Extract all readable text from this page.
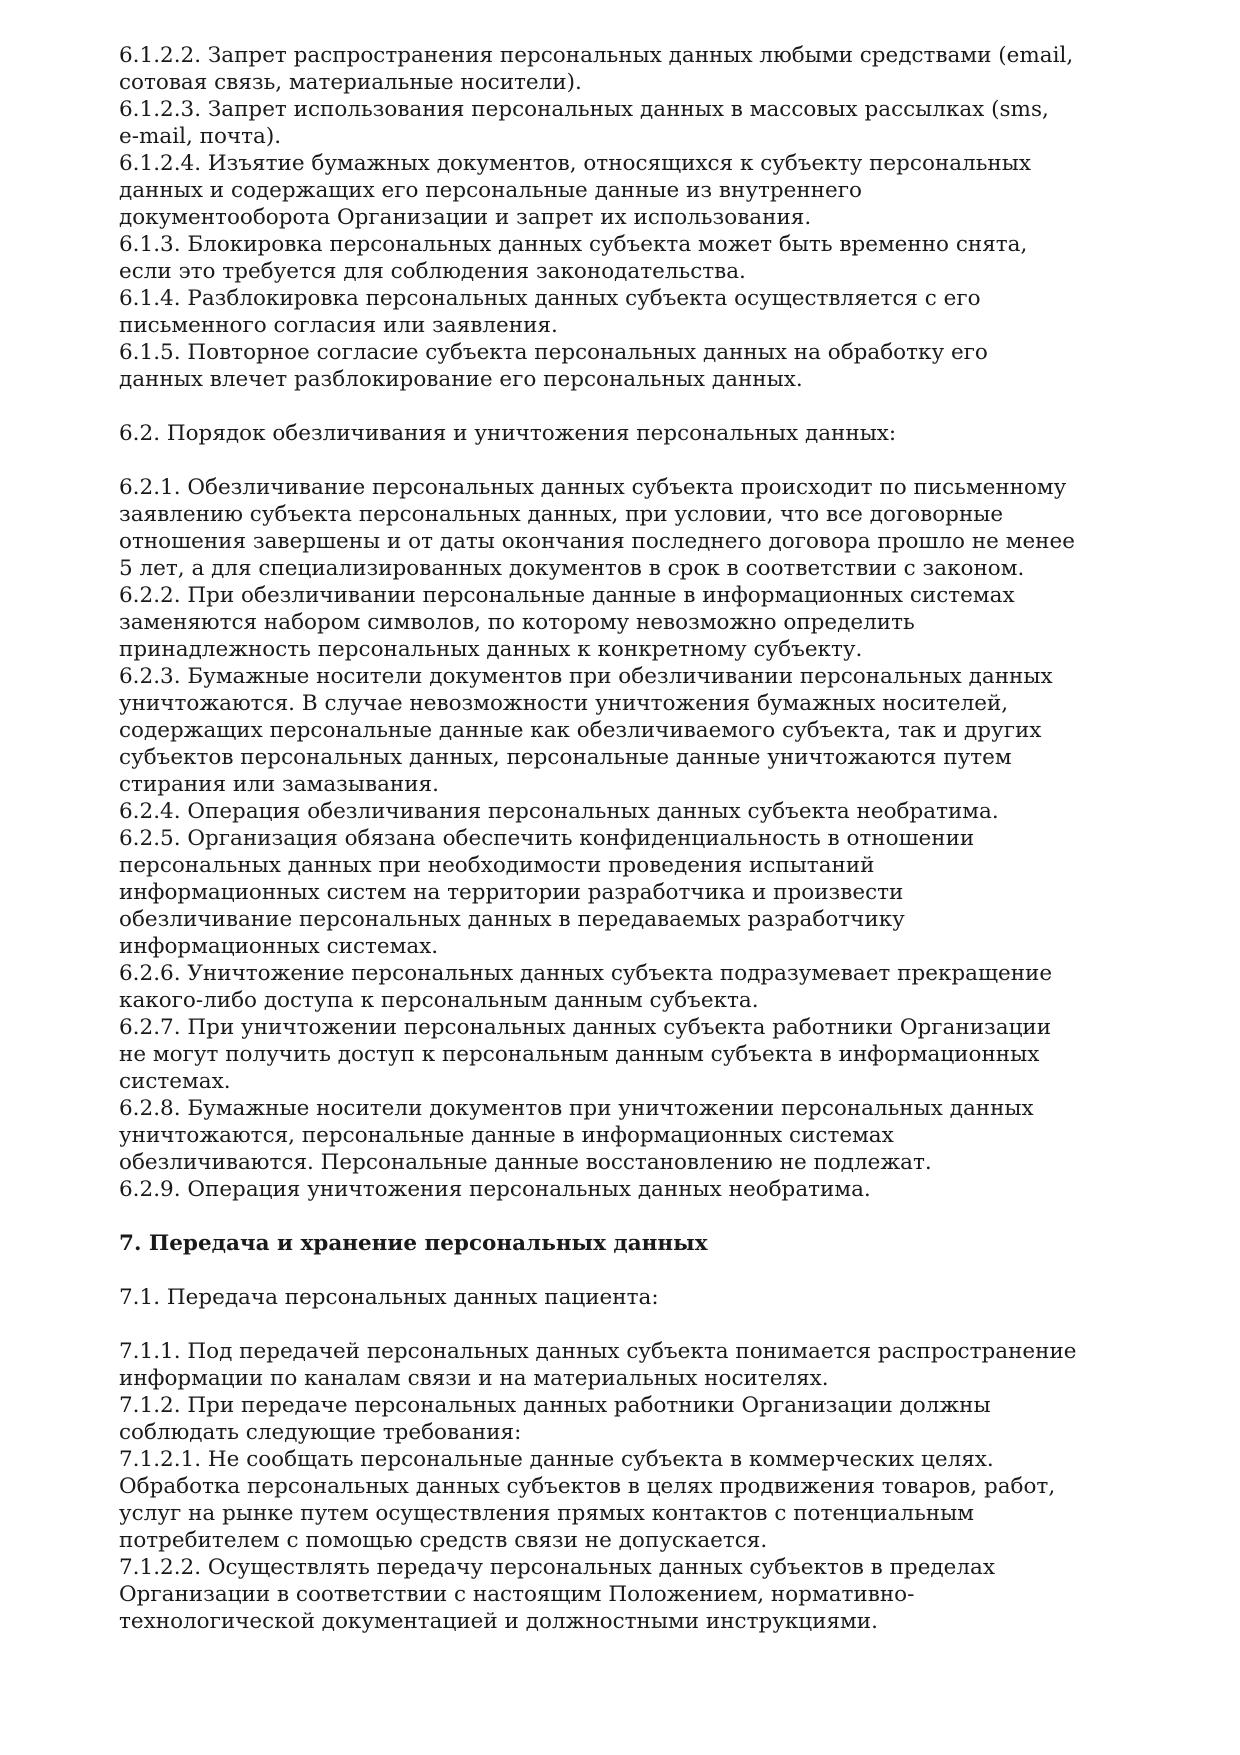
6.1.2.2. Запрет распространения персональных данных любыми средствами (email,
сотовая связь, материальные носители).

6.1.2.3. Запрет использования персональных данных в массовых рассылках (sms,
e-mail, почта).

6.1.2.4. Изъятие бумажных документов, относящихся к субъекту персональных
данных и содержащих его персональные данные из внутреннего
документооборота Организации и запрет их использования.

6.1.3. Блокировка персональных данных субъекта может быть временно снята,
если это требуется для соблюдения законодательства.

6.1.4. Разблокировка персональных данных субъекта осуществляется с его
письменного согласия или заявления.

6.1.5. Повторное согласие субъекта персональных данных на обработку его
данных влечет разблокирование его персональных данных.

6.2. Порядок обезличивания и уничтожения персональных данных:

6.2.1. Обезличивание персональных данных субъекта происходит по письменному
заявлению субъекта персональных данных, при условии, что все договорные
отношения завершены и от даты окончания последнего договора прошло не менее
5 лет, а для специализированных документов в срок в соответствии с законом.

6.2.2. При обезличивании персональные данные в информационных системах
заменяются набором символов, по которому невозможно определить
принадлежность персональных данных к конкретному субъекту.

6.2.3. Бумажные носители документов при обезличивании персональных данных
уничтожаются. В случае невозможности уничтожения бумажных носителей,
содержащих персональные данные как обезличиваемого субъекта, так и других
субъектов персональных данных, персональные данные уничтожаются путем
стирания или замазывания.

6.2.4. Операция обезличивания персональных данных субъекта необратима.

6.2.5. Организация обязана обеспечить конфиденциальность в отношении
персональных данных при необходимости проведения испытаний
информационных систем на территории разработчика и произвести
обезличивание персональных данных в передаваемых разработчику
информационных системах.

6.2.6. Уничтожение персональных данных субъекта подразумевает прекращение
какого-либо доступа к персональным данным субъекта.

6.2.7. При уничтожении персональных данных субъекта работники Организации
не могут получить доступ к персональным данным субъекта в информационных
системах.

6.2.8. Бумажные носители документов при уничтожении персональных данных
уничтожаются, персональные данные в информационных системах
обезличиваются. Персональные данные восстановлению не подлежат.

6.2.9. Операция уничтожения персональных данных необратима.

7. Передача и хранение персональных данных

7.1. Передача персональных данных пациента:

7.1.1. Под передачей персональных данных субъекта понимается распространение
информации по каналам связи и на материальных носителях.

7.1.2. При передаче персональных данных работники Организации должны
соблюдать следующие требования:

7.1.2.1. Не сообщать персональные данные субъекта в коммерческих целях.
Обработка персональных данных субъектов в целях продвижения товаров, работ,
услуг на рынке путем осуществления прямых контактов с потенциальным
потребителем с помощью средств связи не допускается.

7.1.2.2. Осуществлять передачу персональных данных субъектов в пределах
Организации в соответствии с настоящим Положением, нормативно-
технологической документацией и должностными инструкциями.
